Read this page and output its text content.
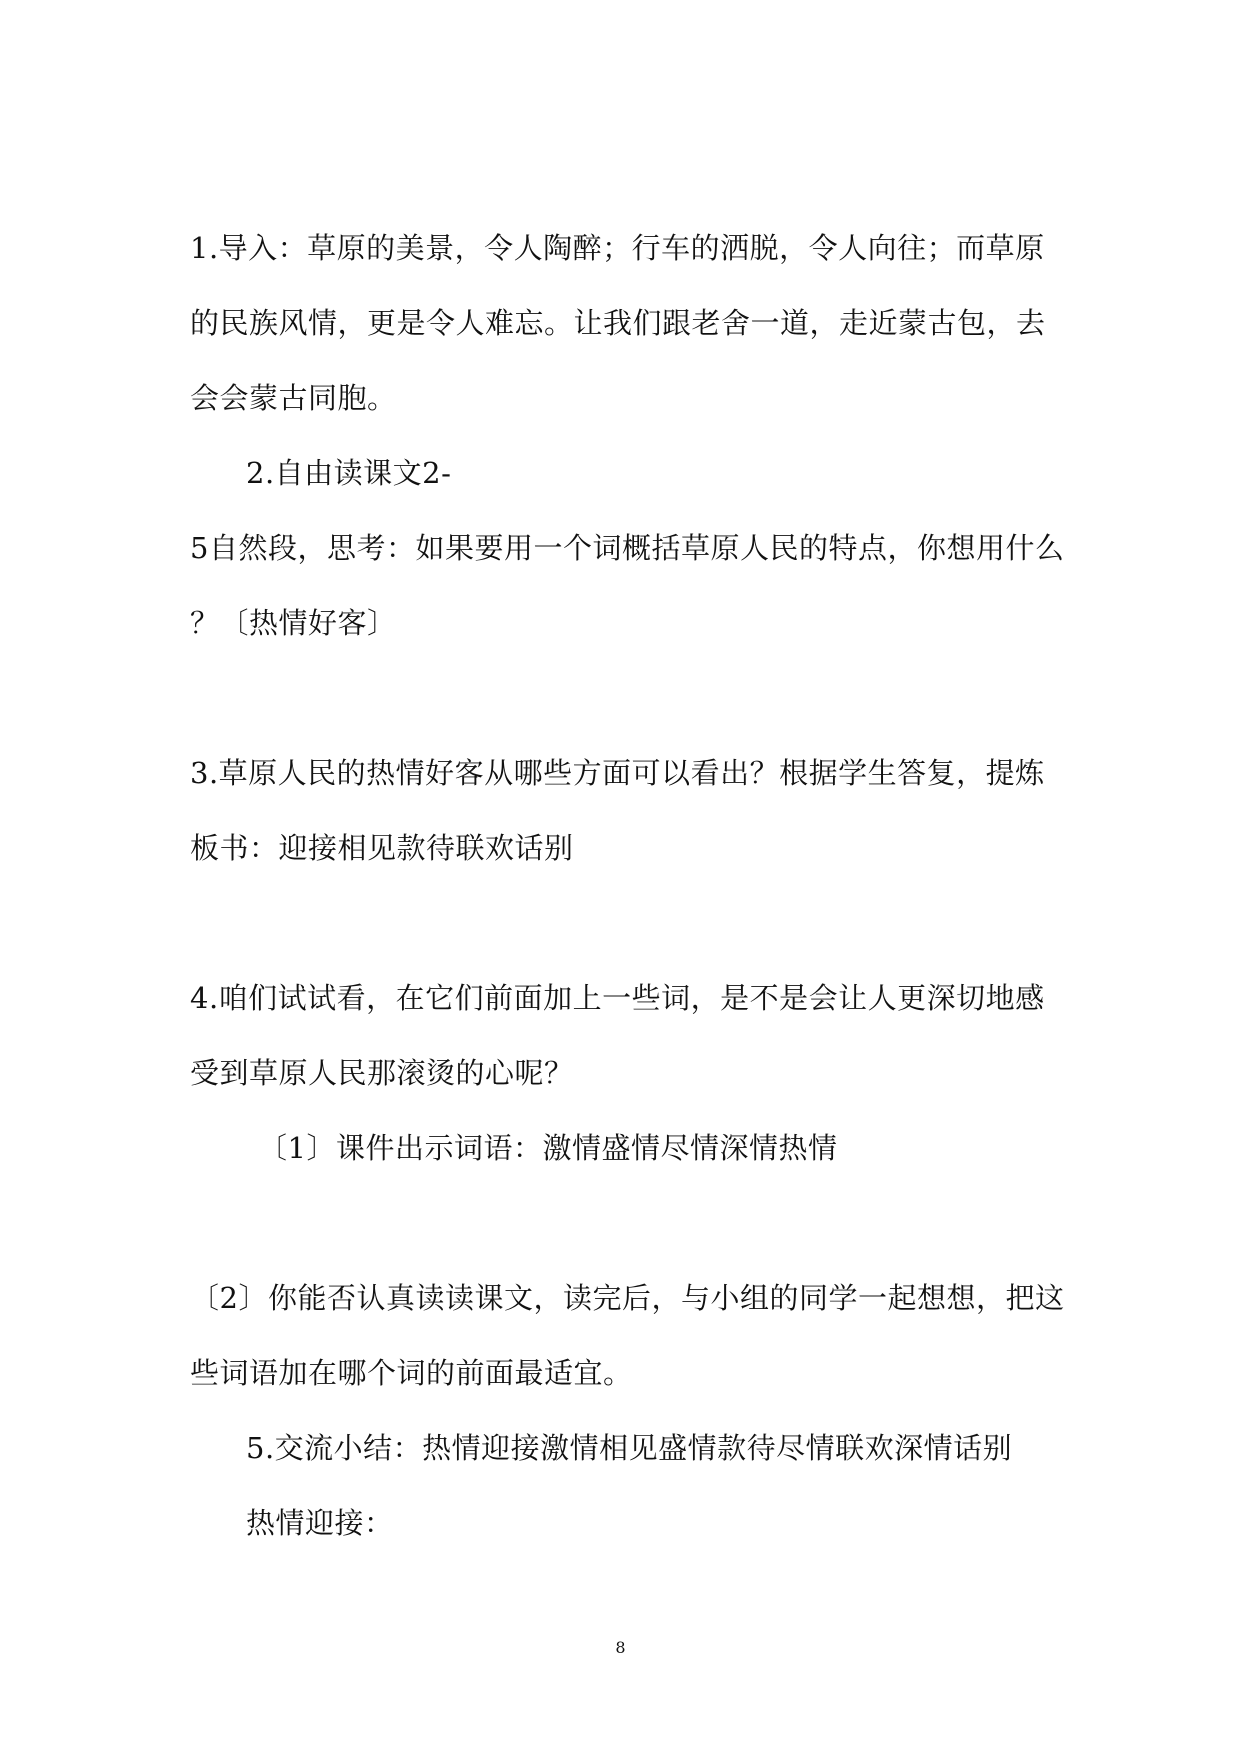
1.导入：草原的美景，令人陶醉；行车的洒脱，令人向往；而草原
的民族风情，更是令人难忘。让我们跟老舍一道，走近蒙古包，去
会会蒙古同胞。
2.自由读课文2-
5自然段，思考：如果要用一个词概括草原人民的特点，你想用什么
？〔热情好客〕
3.草原人民的热情好客从哪些方面可以看出？根据学生答复，提炼
板书：迎接相见款待联欢话别
4.咱们试试看，在它们前面加上一些词，是不是会让人更深切地感
受到草原人民那滚烫的心呢？
〔1〕课件出示词语：激情盛情尽情深情热情
〔2〕你能否认真读读课文，读完后，与小组的同学一起想想，把这
些词语加在哪个词的前面最适宜。
5.交流小结：热情迎接激情相见盛情款待尽情联欢深情话别
热情迎接：
8
